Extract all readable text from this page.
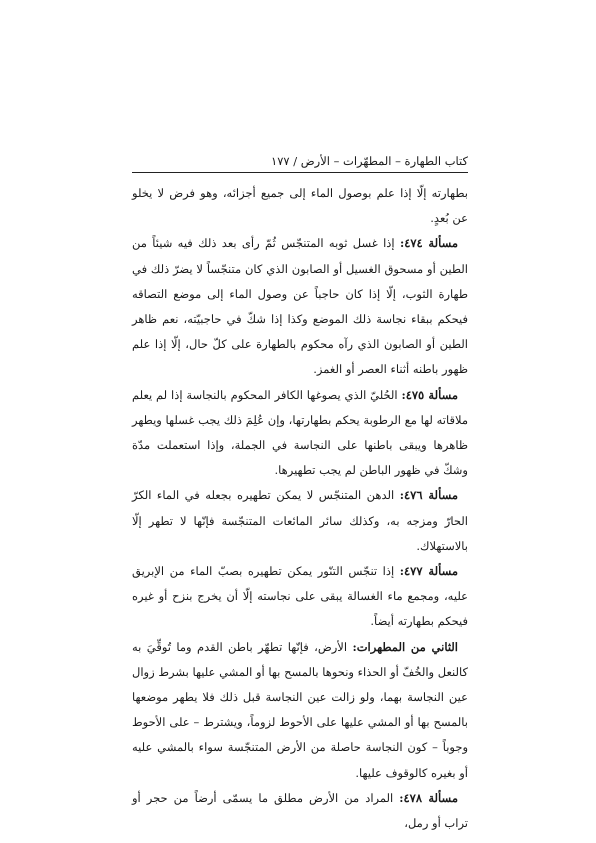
كتاب الطهارة – المطهّرات – الأرض / ١٧٧

بطهارته إلّا إذا علم بوصول الماء إلى جميع أجزائه، وهو فرض لا يخلو عن بُعدٍ.

مسألة ٤٧٤: إذا غسل ثوبه المتنجّس ثُمّ رأى بعد ذلك فيه شيئاً من الطين أو مسحوق الغسيل أو الصابون الذي كان متنجّساً لا يضرّ ذلك في طهارة الثوب، إلّا إذا كان حاجباً عن وصول الماء إلى موضع التصاقه فيحكم ببقاء نجاسة ذلك الموضع وكذا إذا شكّ في حاجبيّته، نعم ظاهر الطين أو الصابون الذي رآه محكوم بالطهارة على كلّ حال، إلّا إذا علم ظهور باطنه أثناء العصر أو الغمز.

مسألة ٤٧٥: الحُليّ الذي يصوغها الكافر المحكوم بالنجاسة إذا لم يعلم ملاقاته لها مع الرطوبة يحكم بطهارتها، وإن عُلِمَ ذلك يجب غسلها ويطهر ظاهرها ويبقى باطنها على النجاسة في الجملة، وإذا استعملت مدّة وشكّ في ظهور الباطن لم يجب تطهيرها.

مسألة ٤٧٦: الدهن المتنجّس لا يمكن تطهيره بجعله في الماء الكرّ الحارّ ومزجه به، وكذلك سائر المائعات المتنجّسة فإنّها لا تطهر إلّا بالاستهلاك.

مسألة ٤٧٧: إذا تنجّس التنّور يمكن تطهيره بصبّ الماء من الإبريق عليه، ومجمع ماء الغسالة يبقى على نجاسته إلّا أن يخرج بنزح أو غيره فيحكم بطهارته أيضاً.

الثاني من المطهرات: الأرض، فإنّها تطهّر باطن القدم وما تُوقِّيَ به كالنعل والخُفّ أو الحذاء ونحوها بالمسح بها أو المشي عليها بشرط زوال عين النجاسة بهما، ولو زالت عين النجاسة قبل ذلك فلا يطهر موضعها بالمسح بها أو المشي عليها على الأحوط لزوماً، ويشترط – على الأحوط وجوباً – كون النجاسة حاصلة من الأرض المتنجّسة سواء بالمشي عليه أو بغيره كالوقوف عليها.

مسألة ٤٧٨: المراد من الأرض مطلق ما يسمّى أرضاً من حجر أو تراب أو رمل،
